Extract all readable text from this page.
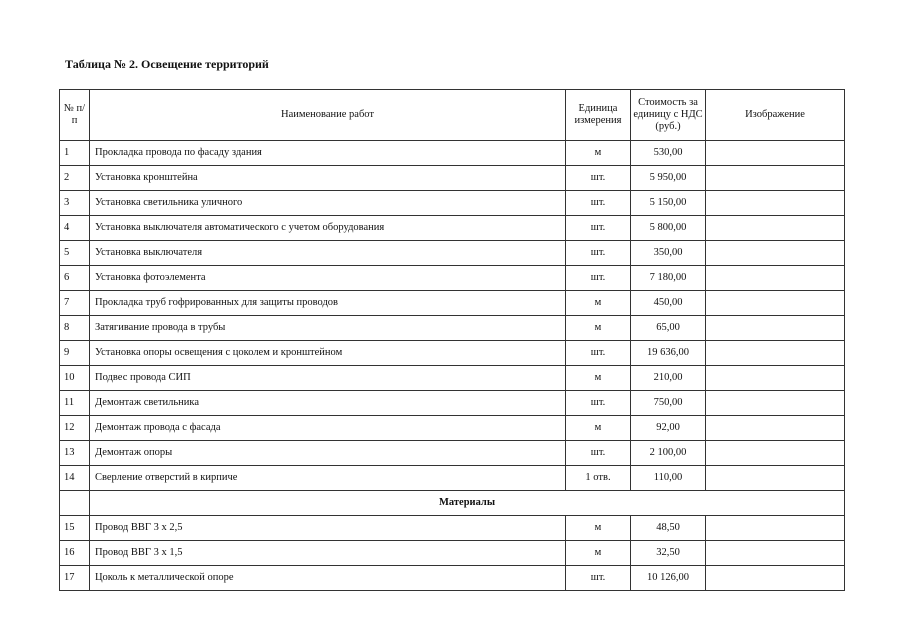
Таблица № 2. Освещение территорий
№ п/п	Наименование работ	Единица измерения	Стоимость за единицу с НДС (руб.)	Изображение
1	Прокладка провода по фасаду здания	м	530,00	
2	Установка кронштейна	шт.	5 950,00	
3	Установка светильника уличного	шт.	5 150,00	
4	Установка выключателя автоматического с учетом оборудования	шт.	5 800,00	
5	Установка выключателя	шт.	350,00	
6	Установка фотоэлемента	шт.	7 180,00	
7	Прокладка труб гофрированных для защиты проводов	м	450,00	
8	Затягивание провода в трубы	м	65,00	
9	Установка опоры освещения с цоколем и кронштейном	шт.	19 636,00	
10	Подвес провода СИП	м	210,00	
11	Демонтаж светильника	шт.	750,00	
12	Демонтаж провода с фасада	м	92,00	
13	Демонтаж опоры	шт.	2 100,00	
14	Сверление отверстий в кирпиче	1 отв.	110,00	
	Материалы			
15	Провод ВВГ 3 х 2,5	м	48,50	
16	Провод ВВГ 3 х 1,5	м	32,50	
17	Цоколь к металлической опоре	шт.	10 126,00	
